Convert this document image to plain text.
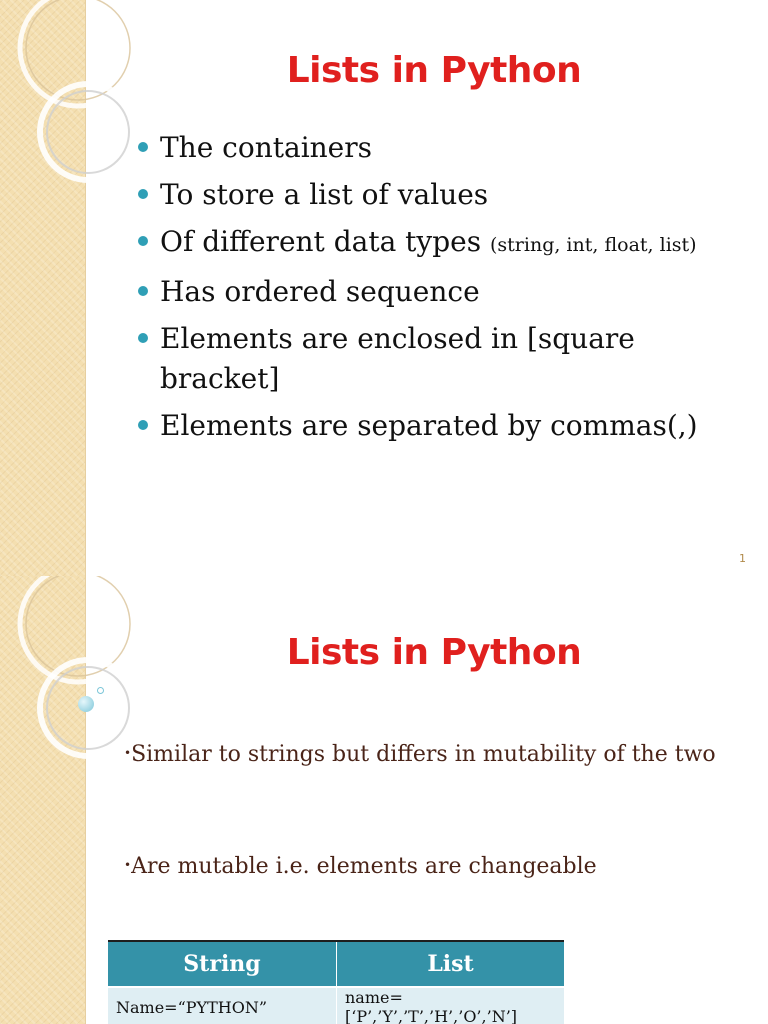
Lists in Python
The containers
To store a list of values
Of different data types (string, int, float, list)
Has ordered sequence
Elements are enclosed in [square bracket]
Elements are separated by commas(,)
1
Lists in Python
•Similar to strings but differs in mutability of the two
•Are mutable i.e. elements are changeable
String	List
Name=“PYTHON”	name=[‘P’,’Y’,’T’,’H’,’O’,’N’]
